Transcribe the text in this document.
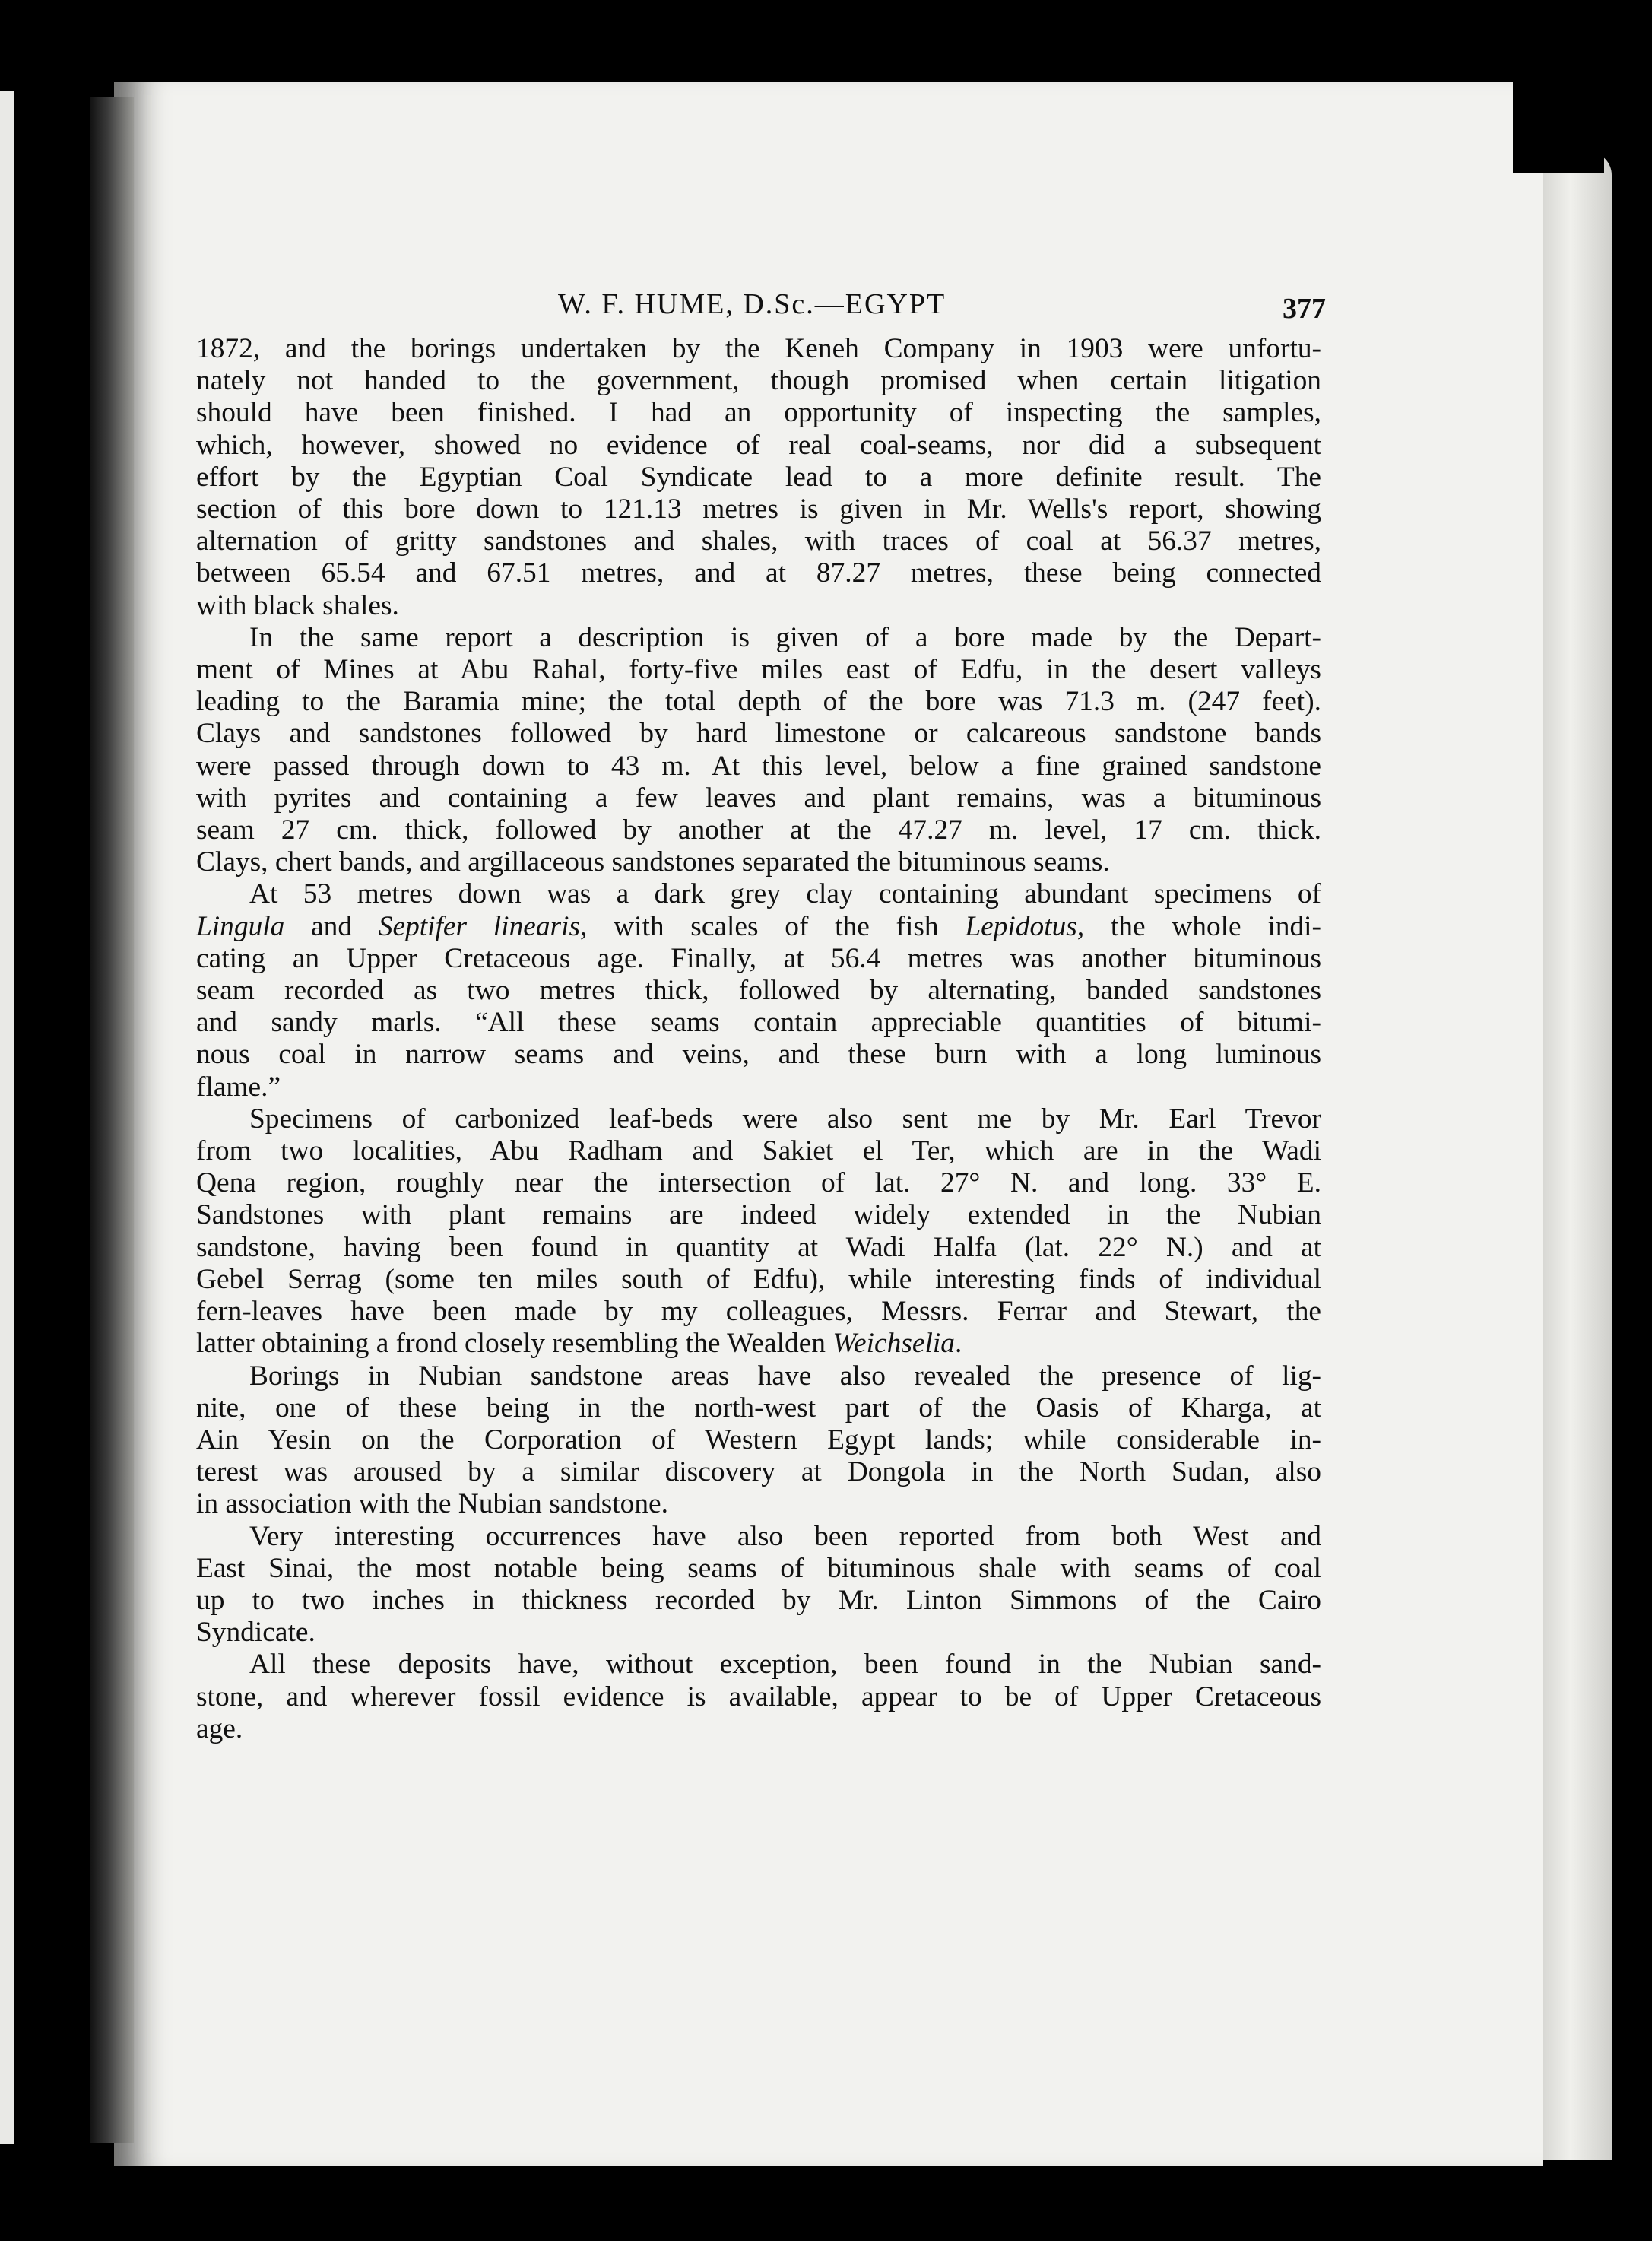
W. F. HUME, D.Sc.—EGYPT	377

1872, and the borings undertaken by the Keneh Company in 1903 were unfortu-
nately not handed to the government, though promised when certain litigation
should have been finished. I had an opportunity of inspecting the samples,
which, however, showed no evidence of real coal-seams, nor did a subsequent
effort by the Egyptian Coal Syndicate lead to a more definite result. The
section of this bore down to 121.13 metres is given in Mr. Wells's report, showing
alternation of gritty sandstones and shales, with traces of coal at 56.37 metres,
between 65.54 and 67.51 metres, and at 87.27 metres, these being connected
with black shales.

In the same report a description is given of a bore made by the Depart-
ment of Mines at Abu Rahal, forty-five miles east of Edfu, in the desert valleys
leading to the Baramia mine; the total depth of the bore was 71.3 m. (247 feet).
Clays and sandstones followed by hard limestone or calcareous sandstone bands
were passed through down to 43 m. At this level, below a fine grained sandstone
with pyrites and containing a few leaves and plant remains, was a bituminous
seam 27 cm. thick, followed by another at the 47.27 m. level, 17 cm. thick.
Clays, chert bands, and argillaceous sandstones separated the bituminous seams.

At 53 metres down was a dark grey clay containing abundant specimens of
Lingula and Septifer linearis, with scales of the fish Lepidotus, the whole indi-
cating an Upper Cretaceous age. Finally, at 56.4 metres was another bituminous
seam recorded as two metres thick, followed by alternating, banded sandstones
and sandy marls. “All these seams contain appreciable quantities of bitumi-
nous coal in narrow seams and veins, and these burn with a long luminous
flame.”

Specimens of carbonized leaf-beds were also sent me by Mr. Earl Trevor
from two localities, Abu Radham and Sakiet el Ter, which are in the Wadi
Qena region, roughly near the intersection of lat. 27° N. and long. 33° E.
Sandstones with plant remains are indeed widely extended in the Nubian
sandstone, having been found in quantity at Wadi Halfa (lat. 22° N.) and at
Gebel Serrag (some ten miles south of Edfu), while interesting finds of individual
fern-leaves have been made by my colleagues, Messrs. Ferrar and Stewart, the
latter obtaining a frond closely resembling the Wealden Weichselia.

Borings in Nubian sandstone areas have also revealed the presence of lig-
nite, one of these being in the north-west part of the Oasis of Kharga, at
Ain Yesin on the Corporation of Western Egypt lands; while considerable in-
terest was aroused by a similar discovery at Dongola in the North Sudan, also
in association with the Nubian sandstone.

Very interesting occurrences have also been reported from both West and
East Sinai, the most notable being seams of bituminous shale with seams of coal
up to two inches in thickness recorded by Mr. Linton Simmons of the Cairo
Syndicate.

All these deposits have, without exception, been found in the Nubian sand-
stone, and wherever fossil evidence is available, appear to be of Upper Cretaceous
age.
